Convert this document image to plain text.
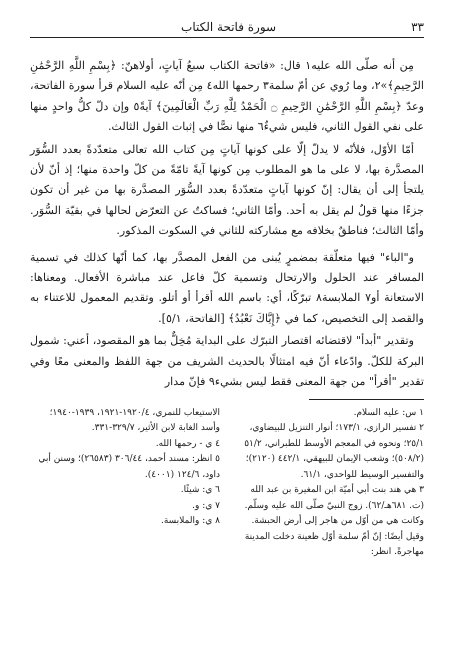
٣٣
سورة فاتحة الكتاب

مِن أنه صلّى الله عليه١ قال: «فاتحة الكتاب سبعُ آياتٍ، أولاهنّ: ﴿بِسْمِ اللَّهِ الرَّحْمَٰنِ الرَّحِيمِ﴾»٢، وما رُوي عن أمّ سلمة٣ رحمها الله٤ مِن أنّه عليه السلام قرأ سورة الفاتحة، وعدّ ﴿بِسْمِ اللَّهِ الرَّحْمَٰنِ الرَّحِيمِ ۝ الْحَمْدُ لِلَّهِ رَبِّ الْعَالَمِينَ﴾ آيةً٥ وإن دلّ كلُّ واحدٍ منها على نفي القول الثاني، فليس شيءٌ٦ منها نصًّا في إثبات القول الثالث.

أمّا الأوّل، فلأنّه لا يدلّ إلّا على كونها آياتٍ مِن كتاب الله تعالى متعدّدةً بعدد السُّوَر المصدَّرة بها، لا على ما هو المطلوب مِن كونها آيةً تامّةً من كلّ واحدة منها؛ إذ أنّ لأن يلتجأ إلى أن يقال: إنّ كونها آياتٍ متعدّدةً بعدد السُّوَر المصدَّرة بها من غير أن تكون جزءًا منها قولٌ لم يقل به أحد. وأمّا الثاني؛ فساكتٌ عن التعرّض لحالها في بقيّة السُّوَر. وأمّا الثالث؛ فناطقٌ بخلافه مع مشاركته للثاني في السكوت المذكور.

و"الباء" فيها متعلّقة بمضمرٍ يُبنى من الفعل المصدَّر بها، كما أنّها كذلك في تسمية المسافر عند الحلول والارتحال وتسمية كلّ فاعل عند مباشرة الأفعال. ومعناها: الاستعانة أو٧ الملابسة٨ تبرّكًا، أي: باسم الله أقرأ أو أتلو. وتقديم المعمول للاعتناء به والقصد إلى التخصيص، كما في ﴿إِيَّاكَ نَعْبُدُ﴾ [الفاتحة، ٥/١].

وتقدير "أبدأ" لاقتضائه اقتصار التبرّك على البداية مُخِلٌّ بما هو المقصود، أعني: شمول البركة للكلّ. وادّعاء أنّ فيه امتثالًا بالحديث الشريف من جهة اللفظ والمعنى معًا وفي تقدير "أقرأ" من جهة المعنى فقط ليس بشيء٩ فإنّ مدار

١ س: عليه السلام.

٢ تفسير الرازي، ١٧٣/١؛ أنوار التنزيل للبيضاوي، ٢٥/١؛ ونحوه في المعجم الأوسط للطبراني، ٥١/٢ (٥٠٨/٢)؛ وشعب الإيمان للبيهقي، ٤٤٢/١ (٢١٢٠)؛ والتفسير الوسيط للواحدي، ٦١/١.

٣ هي هند بنت أبي أميّة ابن المغيرة بن عبد الله (ت. ٦٨١هـ/٦٢). زوج النبيّ صلّى الله عليه وسلّم. وكانت هي من أوّل من هاجر إلى أرض الحبشة. وقيل أيضًا: إنّ أمّ سلمة أوّل ظعينة دخلت المدينة مهاجرةً. انظر:

الاستيعاب للنمري، ١٩٢٠/٤-١٩٢١، ١٩٣٩-١٩٤٠؛ وأسد الغابة لابن الأثير، ٣٢٩/٧-٣٣١.

٤ ي - رحمها الله.

٥ انظر: مسند أحمد، ٣٠٦/٤٤ (٢٦٥٨٣)؛ وسنن أبي داود، ١٢٤/٦ (٤٠٠١).

٦ ي: شيئًا.

٧ ي: و.

٨ ي: والملابسة.
